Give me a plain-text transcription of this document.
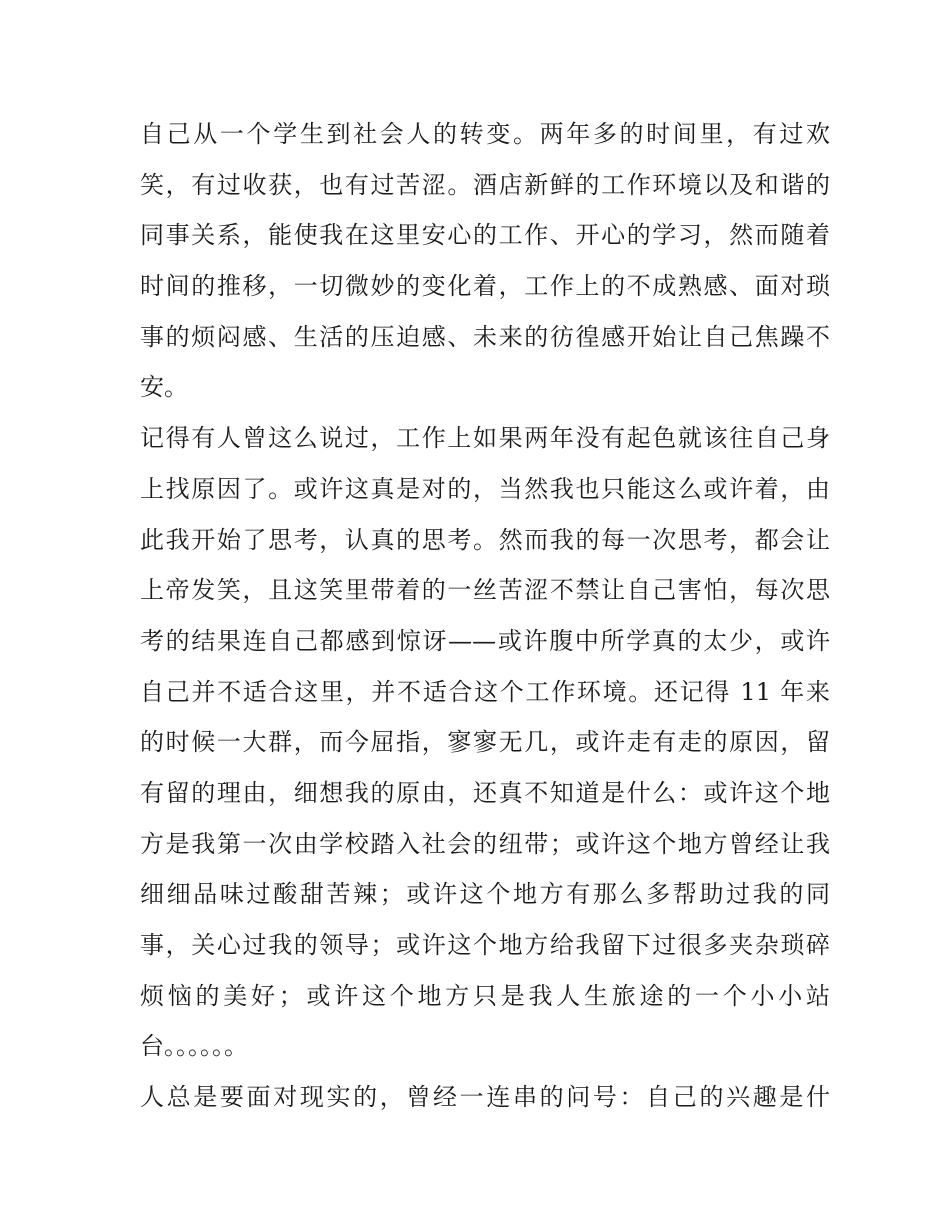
自己从一个学生到社会人的转变。两年多的时间里，有过欢
笑，有过收获，也有过苦涩。酒店新鲜的工作环境以及和谐的
同事关系，能使我在这里安心的工作、开心的学习，然而随着
时间的推移，一切微妙的变化着，工作上的不成熟感、面对琐
事的烦闷感、生活的压迫感、未来的彷徨感开始让自己焦躁不
安。
记得有人曾这么说过，工作上如果两年没有起色就该往自己身
上找原因了。或许这真是对的，当然我也只能这么或许着，由
此我开始了思考，认真的思考。然而我的每一次思考，都会让
上帝发笑，且这笑里带着的一丝苦涩不禁让自己害怕，每次思
考的结果连自己都感到惊讶——或许腹中所学真的太少，或许
自己并不适合这里，并不适合这个工作环境。还记得 11 年来
的时候一大群，而今屈指，寥寥无几，或许走有走的原因，留
有留的理由，细想我的原由，还真不知道是什么：或许这个地
方是我第一次由学校踏入社会的纽带；或许这个地方曾经让我
细细品味过酸甜苦辣；或许这个地方有那么多帮助过我的同
事，关心过我的领导；或许这个地方给我留下过很多夹杂琐碎
烦恼的美好；或许这个地方只是我人生旅途的一个小小站
台。。。。。。
人总是要面对现实的，曾经一连串的问号：自己的兴趣是什
